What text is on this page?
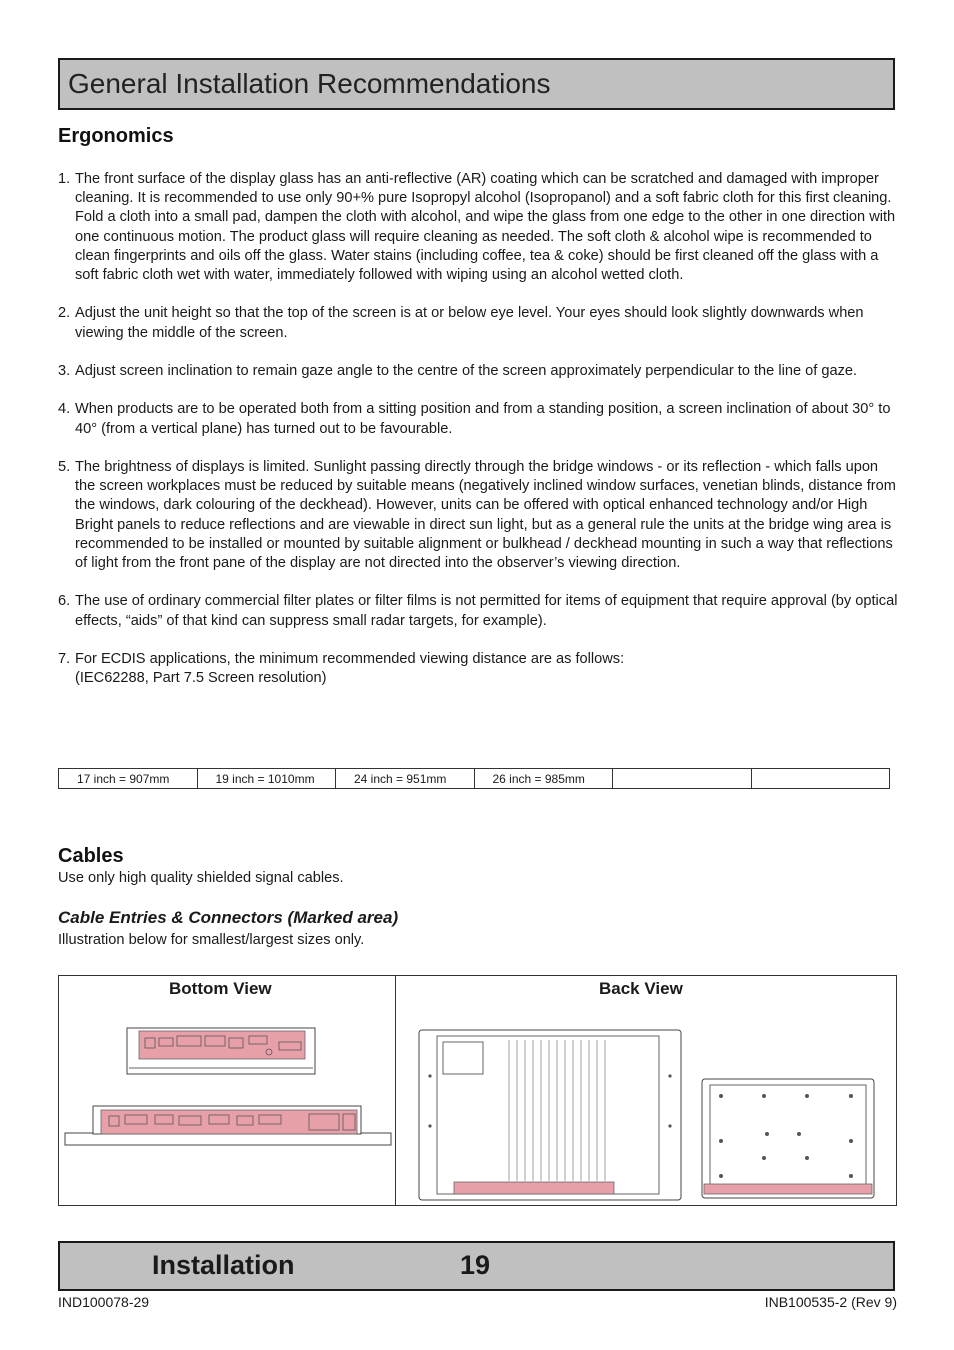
General Installation Recommendations
Ergonomics
1. The front surface of the display glass has an anti-reflective (AR) coating which can be scratched and damaged with improper cleaning. It is recommended to use only 90+% pure Isopropyl alcohol (Isopropanol) and a soft fabric cloth for this first cleaning. Fold a cloth into a small pad, dampen the cloth with alcohol, and wipe the glass from one edge to the other in one direction with one continuous motion. The product glass will require cleaning as needed. The soft cloth & alcohol wipe is recommended to clean fingerprints and oils off the glass. Water stains (including coffee, tea & coke) should be first cleaned off the glass with a soft fabric cloth wet with water, immediately followed with wiping using an alcohol wetted cloth.
2. Adjust the unit height so that the top of the screen is at or below eye level. Your eyes should look slightly downwards when viewing the middle of the screen.
3. Adjust screen inclination to remain gaze angle to the centre of the screen approximately perpendicular to the line of gaze.
4. When products are to be operated both from a sitting position and from a standing position, a screen inclination of about 30° to 40° (from a vertical plane) has turned out to be favourable.
5. The brightness of displays is limited. Sunlight passing directly through the bridge windows - or its reflection - which falls upon the screen workplaces must be reduced by suitable means (negatively inclined window surfaces, venetian blinds, distance from the windows, dark colouring of the deckhead). However, units can be offered with optical enhanced technology and/or High Bright panels to reduce reflections and are viewable in direct sun light, but as a general rule the units at the bridge wing area is recommended to be installed or mounted by suitable alignment or bulkhead / deckhead mounting in such a way that reflections of light from the front pane of the display are not directed into the observer’s viewing direction.
6. The use of ordinary commercial filter plates or filter films is not permitted for items of equipment that require approval (by optical effects, “aids” of that kind can suppress small radar targets, for example).
7. For ECDIS applications, the minimum recommended viewing distance are as follows:
(IEC62288, Part 7.5 Screen resolution)
17 inch = 907mm	19 inch = 1010mm	24 inch = 951mm	26 inch = 985mm		
Cables
Use only high quality shielded signal cables.
Cable Entries & Connectors (Marked area)
Illustration below for smallest/largest sizes only.
Bottom View	Back View
Installation	19
IND100078-29	INB100535-2 (Rev 9)
